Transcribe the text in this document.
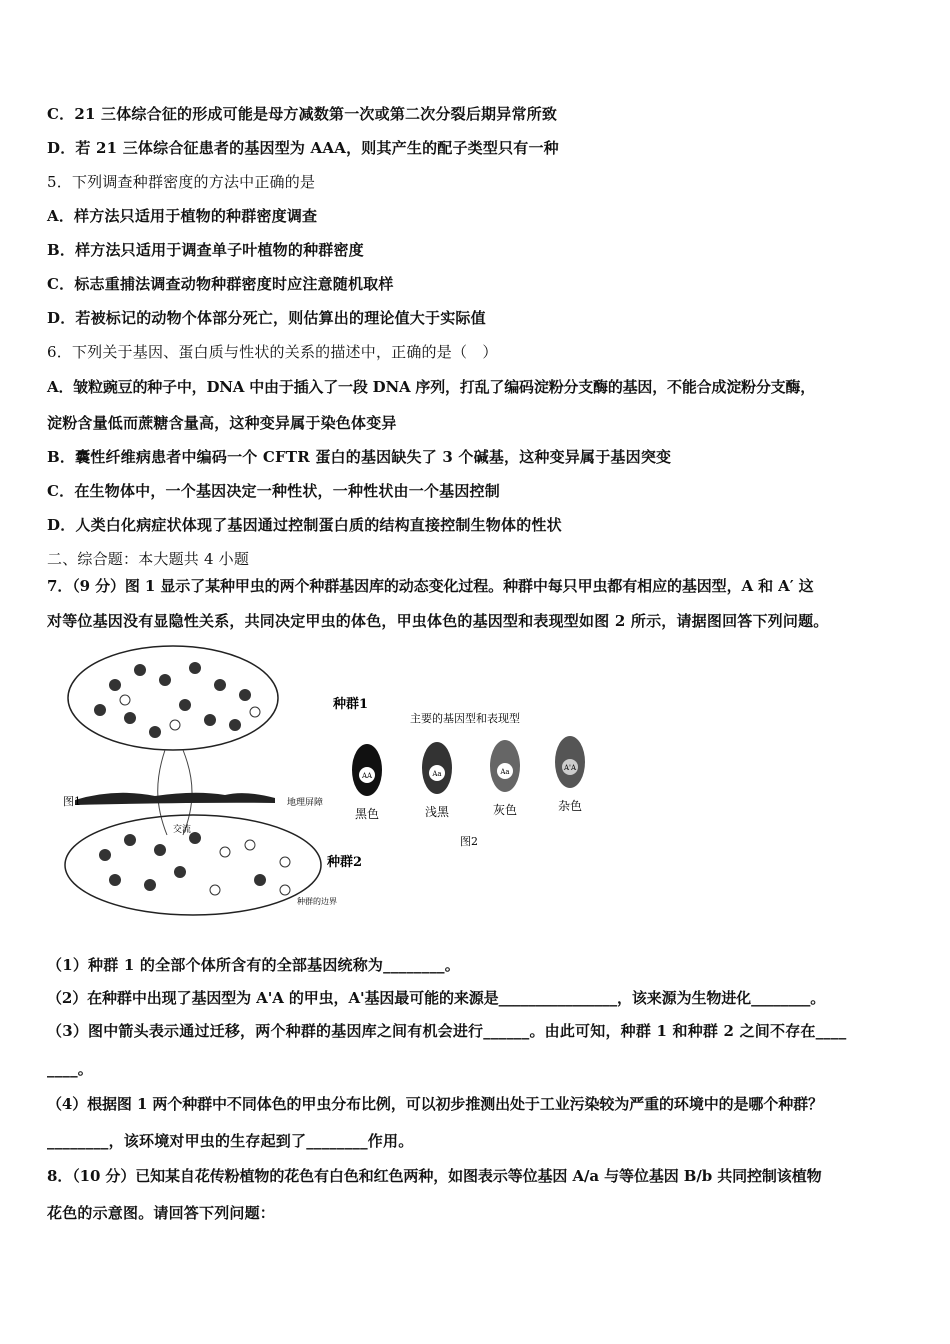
C．21 三体综合征的形成可能是母方减数第一次或第二次分裂后期异常所致
D．若 21 三体综合征患者的基因型为 AAA，则其产生的配子类型只有一种
5．下列调查种群密度的方法中正确的是
A．样方法只适用于植物的种群密度调查
B．样方法只适用于调查单子叶植物的种群密度
C．标志重捕法调查动物种群密度时应注意随机取样
D．若被标记的动物个体部分死亡，则估算出的理论值大于实际值
6．下列关于基因、蛋白质与性状的关系的描述中，正确的是（　）
A．皱粒豌豆的种子中，DNA 中由于插入了一段 DNA 序列，打乱了编码淀粉分支酶的基因，不能合成淀粉分支酶，
淀粉含量低而蔗糖含量高，这种变异属于染色体变异
B．囊性纤维病患者中编码一个 CFTR 蛋白的基因缺失了 3 个碱基，这种变异属于基因突变
C．在生物体中，一个基因决定一种性状，一种性状由一个基因控制
D．人类白化病症状体现了基因通过控制蛋白质的结构直接控制生物体的性状
二、综合题：本大题共 4 小题
7．（9 分）图 1 显示了某种甲虫的两个种群基因库的动态变化过程。种群中每只甲虫都有相应的基因型，A 和 A′ 这
对等位基因没有显隐性关系，共同决定甲虫的体色，甲虫体色的基因型和表现型如图 2 所示，请据图回答下列问题。
地理屏障
交流
图1
种群1
种群2
种群的边界
主要的基因型和表现型
AA
黑色
Aa
浅黑
Aa
灰色
A'A
杂色
图2
（1）种群 1 的全部个体所含有的全部基因统称为________。
（2）在种群中出现了基因型为 A'A 的甲虫，A'基因最可能的来源是________________，该来源为生物进化________。
（3）图中箭头表示通过迁移，两个种群的基因库之间有机会进行______。由此可知，种群 1 和种群 2 之间不存在____
____。
（4）根据图 1 两个种群中不同体色的甲虫分布比例，可以初步推测出处于工业污染较为严重的环境中的是哪个种群？
________，该环境对甲虫的生存起到了________作用。
8．（10 分）已知某自花传粉植物的花色有白色和红色两种，如图表示等位基因 A/a 与等位基因 B/b 共同控制该植物
花色的示意图。请回答下列问题：
